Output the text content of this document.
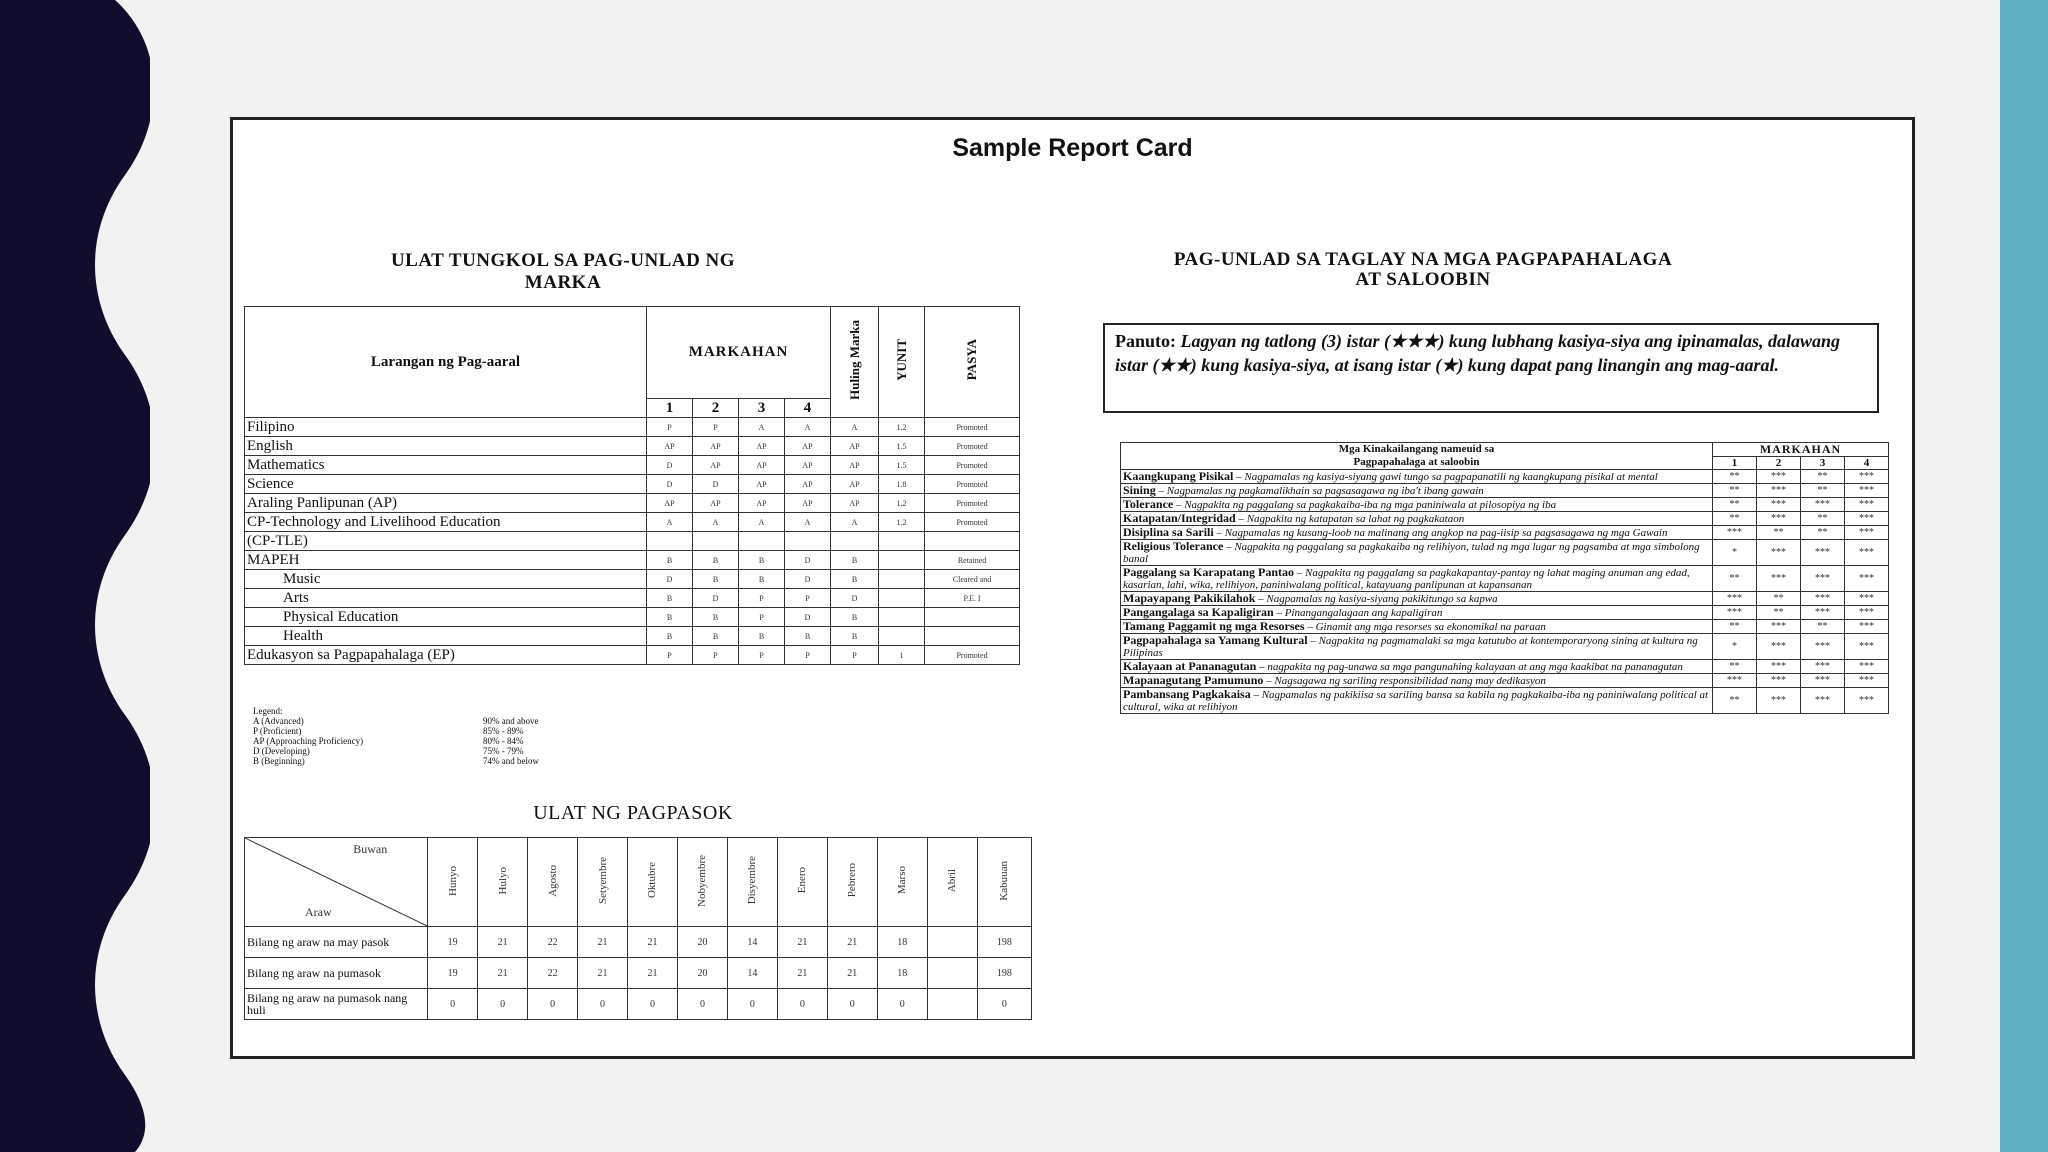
Sample Report Card
ULAT TUNGKOL SA PAG-UNLAD NG MARKA
Larangan ng Pag-aaral	MARKAHAN				Huling Marka	YUNIT	PASYA
	1	2	3	4			
Filipino	P	P	A	A	A	1.2	Promoted
English	AP	AP	AP	AP	AP	1.5	Promoted
Mathematics	D	AP	AP	AP	AP	1.5	Promoted
Science	D	D	AP	AP	AP	1.8	Promoted
Araling Panlipunan (AP)	AP	AP	AP	AP	AP	1.2	Promoted
CP-Technology and Livelihood Education	A	A	A	A	A	1.2	Promoted
(CP-TLE)							
MAPEH	B	B	B	D	B		Retained
Music	D	B	B	D	B		Cleared and
Arts	B	D	P	P	D		P.E. I
Physical Education	B	B	P	D	B		
Health	B	B	B	B	B		
Edukasyon sa Pagpapahalaga (EP)	P	P	P	P	P	1	Promoted
Legend:
A (Advanced)	90% and above
P (Proficient)	85% - 89%
AP (Approaching Proficiency)	80% - 84%
D (Developing)	75% - 79%
B (Beginning)	74% and below
ULAT NG PAGPASOK
Buwan
Araw	Hunyo	Hulyo	Agosto	Setyembre	Oktubre	Nobyembre	Disyembre	Enero	Pebrero	Marso	Abril	Kabuuan
Bilang ng araw na may pasok	19	21	22	21	21	20	14	21	21	18		198
Bilang ng araw na pumasok	19	21	22	21	21	20	14	21	21	18		198
Bilang ng araw na pumasok nang huli	0	0	0	0	0	0	0	0	0	0		0
PAG-UNLAD SA TAGLAY NA MGA PAGPAPAHALAGA
AT SALOOBIN
Panuto: Lagyan ng tatlong (3) istar (★★★) kung lubhang kasiya-siya ang ipinamalas, dalawang istar (★★) kung kasiya-siya, at isang istar (★) kung dapat pang linangin ang mag-aaral.
Mga Kinakailangang nameuid sa
Pagpapahalaga at saloobin	MARKAHAN			
	1	2	3	4
Kaangkupang Pisikal – Nagpamalas ng kasiya-siyang gawi tungo sa pagpapanatili ng kaangkupang pisikal at mental	**	***	**	***
Sining – Nagpamalas ng pagkamalikhain sa pagsasagawa ng iba't ibang gawain	**	***	**	***
Tolerance – Nagpakita ng paggalang sa pagkakaiba-iba ng mga paniniwala at pilosopiya ng iba	**	***	***	***
Katapatan/Integridad – Nagpakita ng katapatan sa lahat ng pagkakataon	**	***	**	***
Disiplina sa Sarili – Nagpamalas ng kusang-loob na malinang ang angkop na pag-iisip sa pagsasagawa ng mga Gawain	***	**	**	***
Religious Tolerance – Nagpakita ng paggalang sa pagkakaiba ng relihiyon, tulad ng mga lugar ng pagsamba at mga simbolong banal	*	***	***	***
Paggalang sa Karapatang Pantao – Nagpakita ng paggalang sa pagkakapantay-pantay ng lahat maging anuman ang edad, kasarian, lahi, wika, relihiyon, paniniwalang political, katayuang panlipunan at kapansanan	**	***	***	***
Mapayapang Pakikilahok – Nagpamalas ng kasiya-siyang pakikitungo sa kapwa	***	**	***	***
Pangangalaga sa Kapaligiran – Pinangangalagaan ang kapaligiran	***	**	***	***
Tamang Paggamit ng mga Resorses – Ginamit ang mga resorses sa ekonomikal na paraan	**	***	**	***
Pagpapahalaga sa Yamang Kultural – Nagpakita ng pagmamalaki sa mga katutubo at kontemporaryong sining at kultura ng Pilipinas	*	***	***	***
Kalayaan at Pananagutan – nagpakita ng pag-unawa sa mga pangunahing kalayaan at ang mga kaakibat na pananagutan	**	***	***	***
Mapanagutang Pamumuno – Nagsagawa ng sariling responsibilidad nang may dedikasyon	***	***	***	***
Pambansang Pagkakaisa – Nagpamalas ng pakikiisa sa sariling bansa sa kabila ng pagkakaiba-iba ng paniniwalang political at cultural, wika at relihiyon	**	***	***	***
